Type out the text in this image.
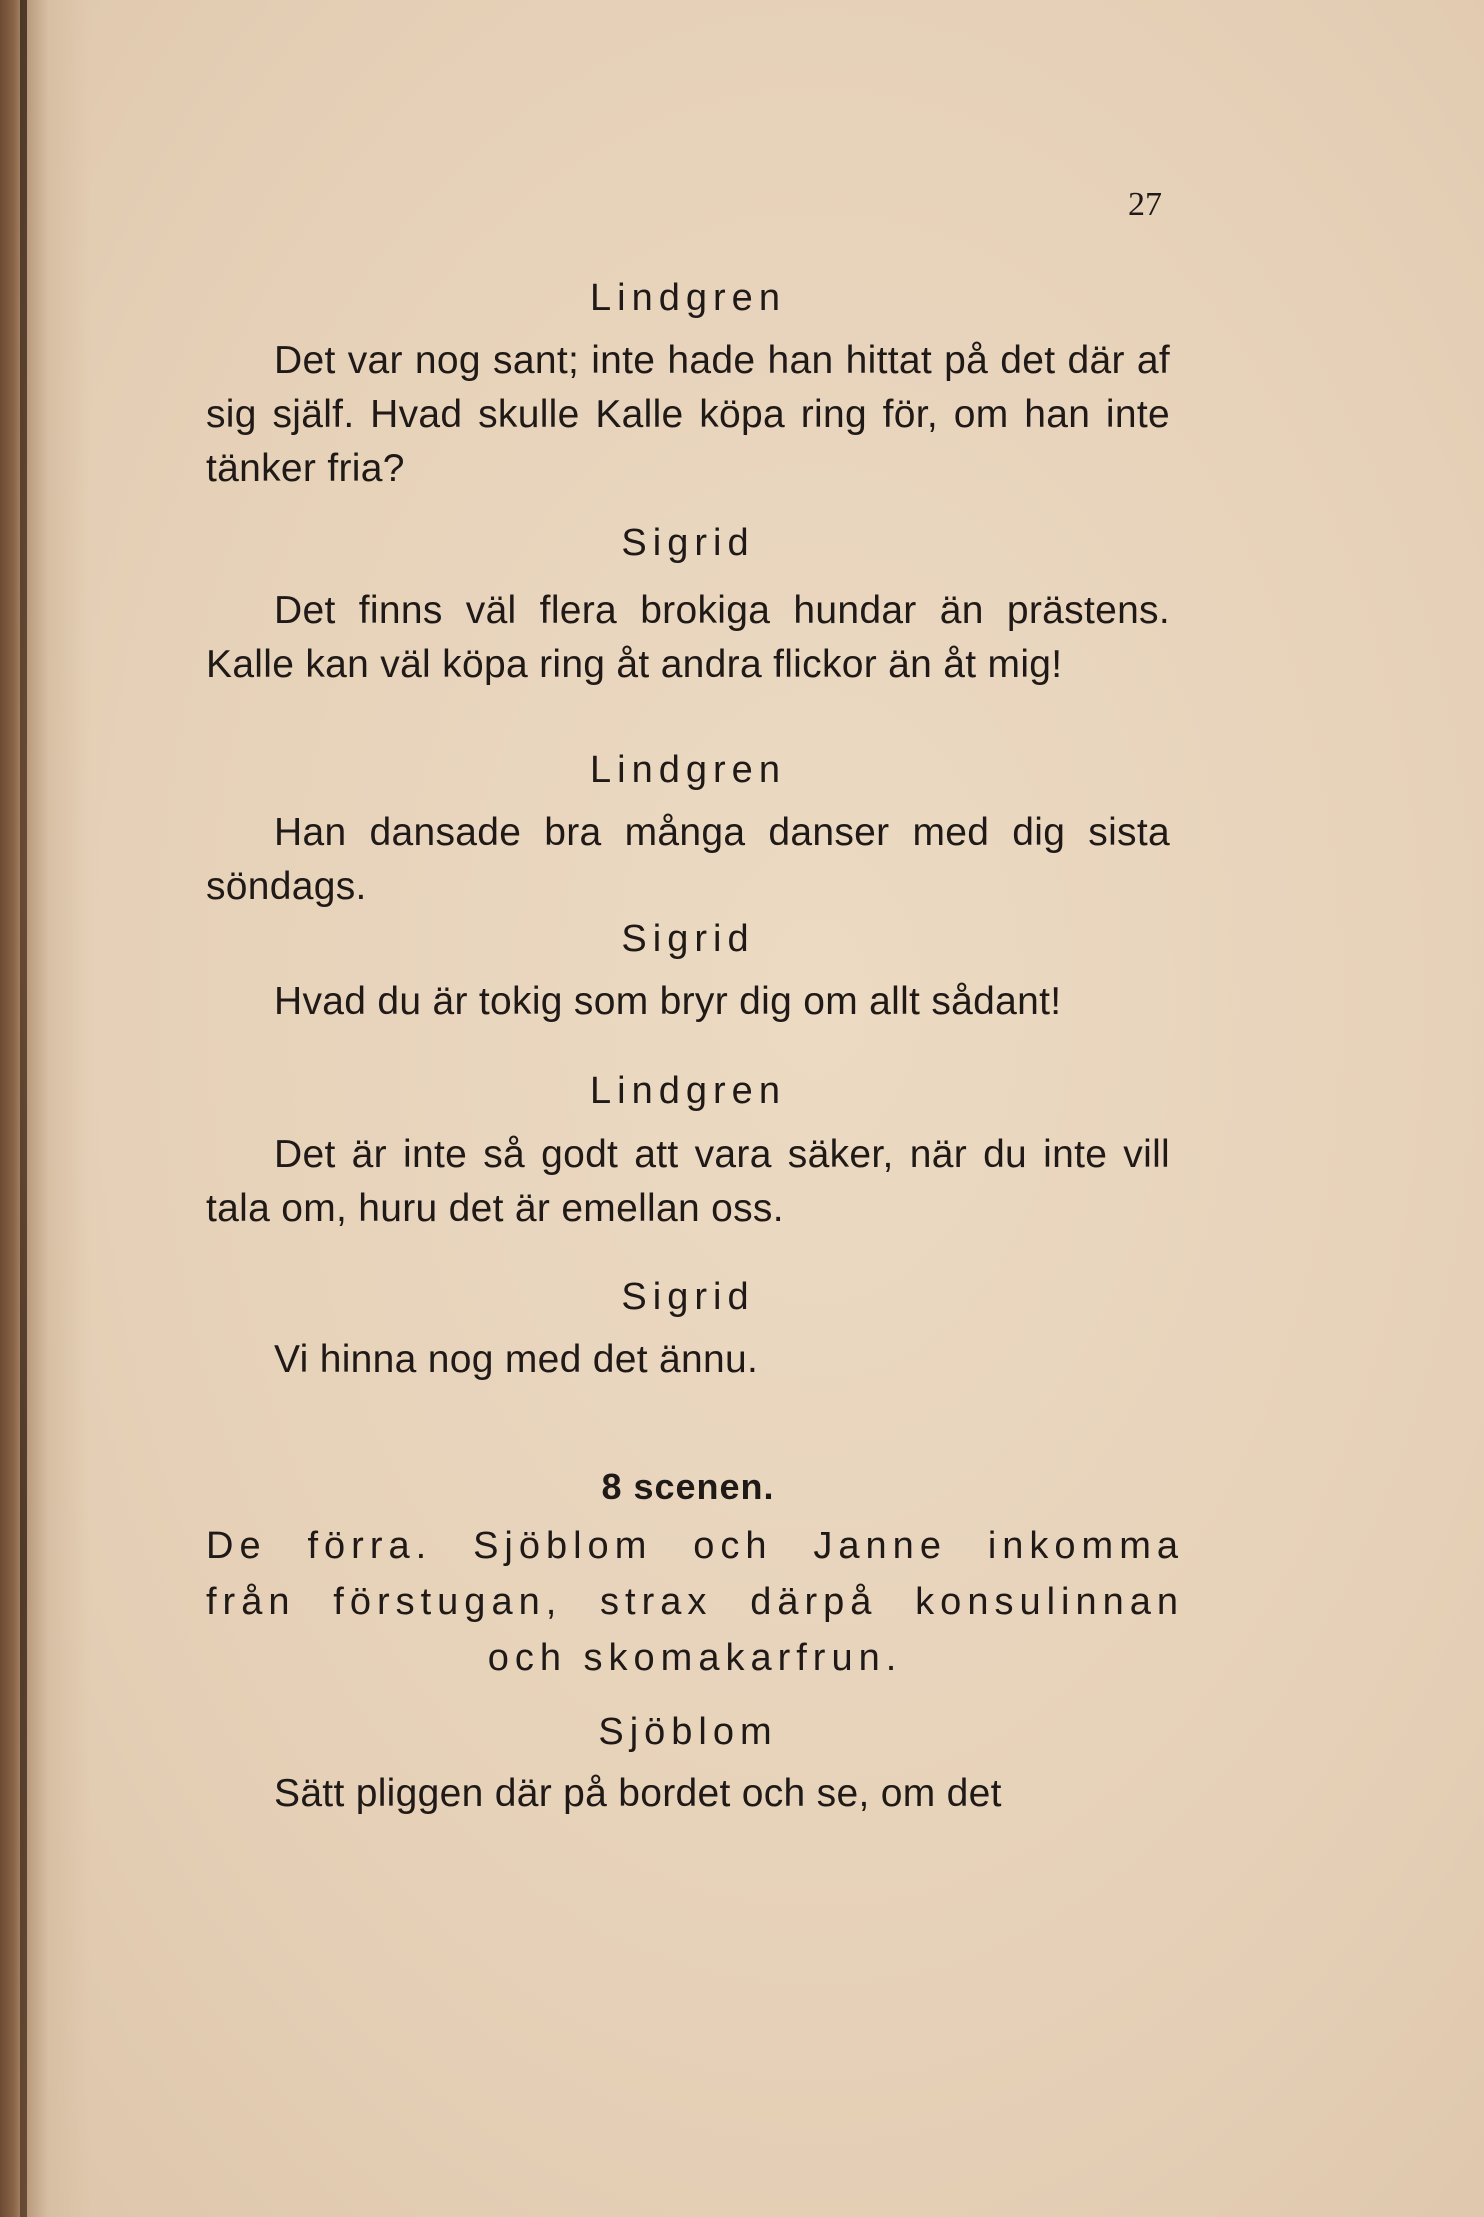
27
Lindgren
Det var nog sant; inte hade han hittat på det där af sig själf. Hvad skulle Kalle köpa ring för, om han inte tänker fria?
Sigrid
Det finns väl flera brokiga hundar än prästens. Kalle kan väl köpa ring åt andra flickor än åt mig!
Lindgren
Han dansade bra många danser med dig sista söndags.
Sigrid
Hvad du är tokig som bryr dig om allt sådant!
Lindgren
Det är inte så godt att vara säker, när du inte vill tala om, huru det är emellan oss.
Sigrid
Vi hinna nog med det ännu.
8 scenen.
De förra. Sjöblom och Janne inkomma
från förstugan, strax därpå konsulinnan
och skomakarfrun.
Sjöblom
Sätt pliggen där på bordet och se, om det
